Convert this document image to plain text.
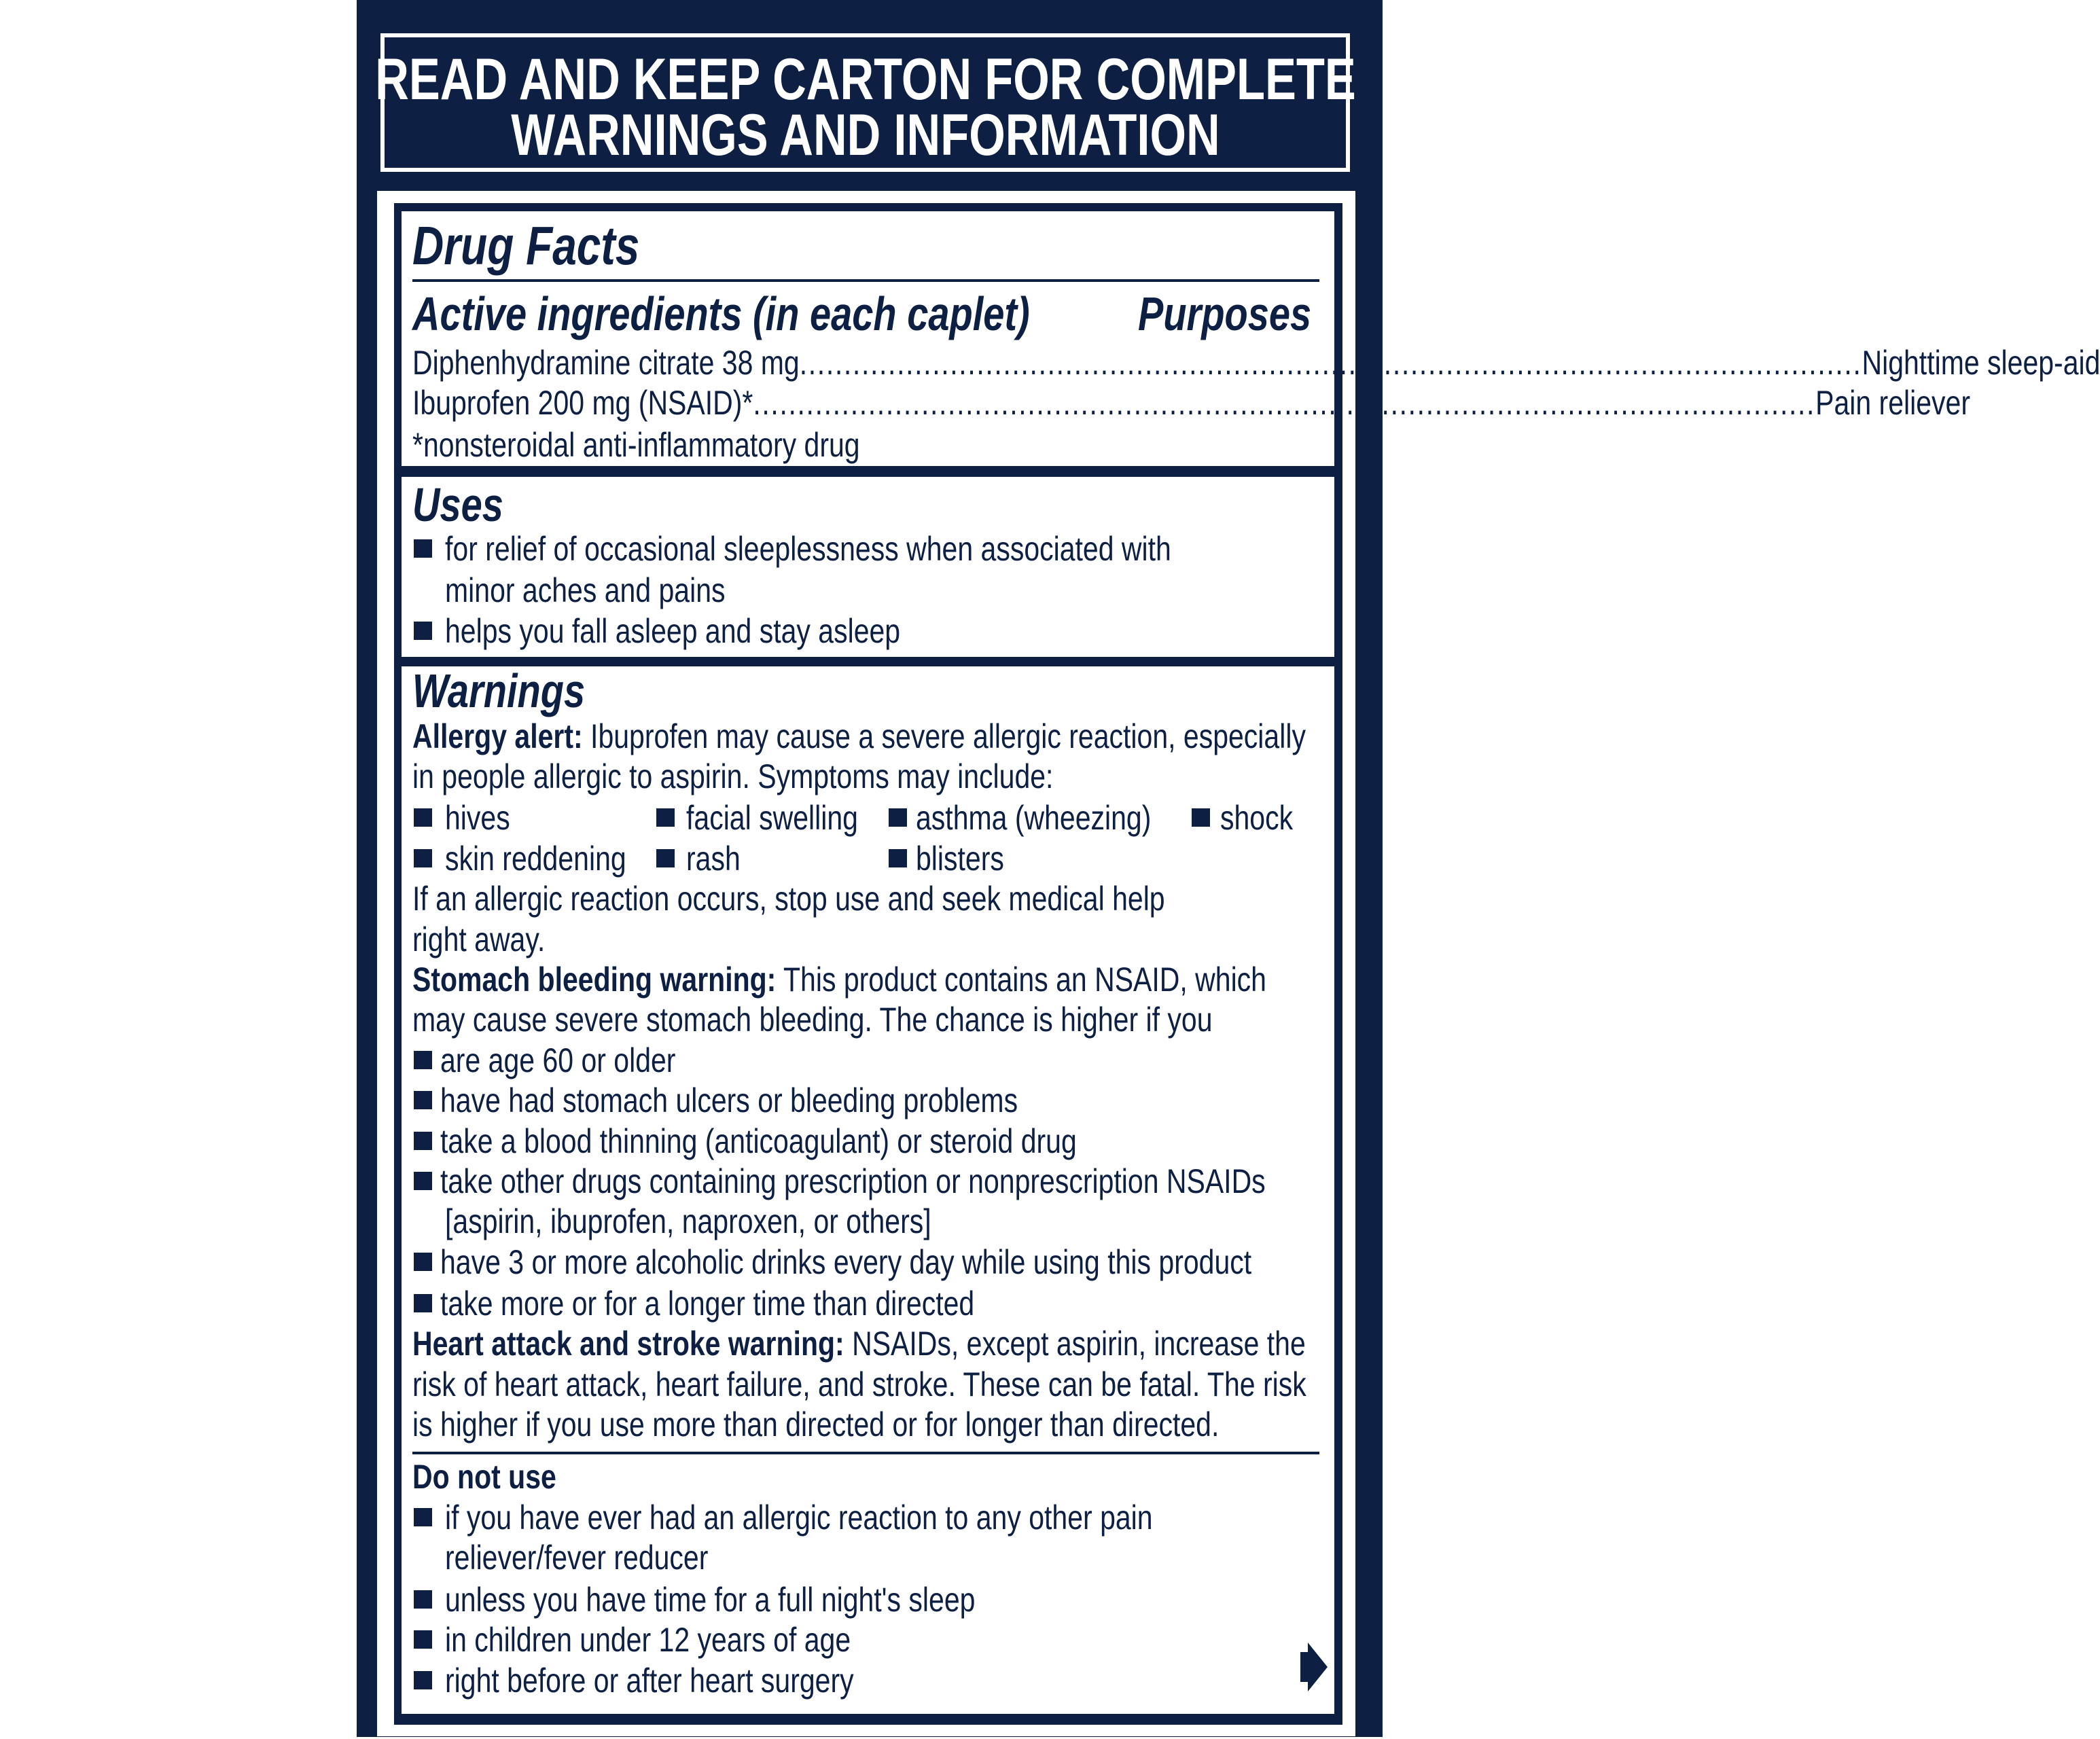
READ AND KEEP CARTON FOR COMPLETE
WARNINGS AND INFORMATION
Drug Facts
Active ingredients (in each caplet) Purposes
Diphenhydramine citrate 38 mg ........................................................................................................................ Nighttime sleep-aid
Ibuprofen 200 mg (NSAID)* ........................................................................................................................ Pain reliever
*nonsteroidal anti-inflammatory drug
Uses
for relief of occasional sleeplessness when associated with
minor aches and pains
helps you fall asleep and stay asleep
Warnings
Allergy alert: Ibuprofen may cause a severe allergic reaction, especially
in people allergic to aspirin. Symptoms may include:
hives	facial swelling asthma (wheezing) shock
skin reddening rash	blisters
If an allergic reaction occurs, stop use and seek medical help
right away.
Stomach bleeding warning: This product contains an NSAID, which
may cause severe stomach bleeding. The chance is higher if you
are age 60 or older
have had stomach ulcers or bleeding problems
take a blood thinning (anticoagulant) or steroid drug
take other drugs containing prescription or nonprescription NSAIDs
[aspirin, ibuprofen, naproxen, or others]
have 3 or more alcoholic drinks every day while using this product
take more or for a longer time than directed
Heart attack and stroke warning: NSAIDs, except aspirin, increase the
risk of heart attack, heart failure, and stroke. These can be fatal. The risk
is higher if you use more than directed or for longer than directed.
Do not use
if you have ever had an allergic reaction to any other pain
reliever/fever reducer
unless you have time for a full night's sleep
in children under 12 years of age
right before or after heart surgery
